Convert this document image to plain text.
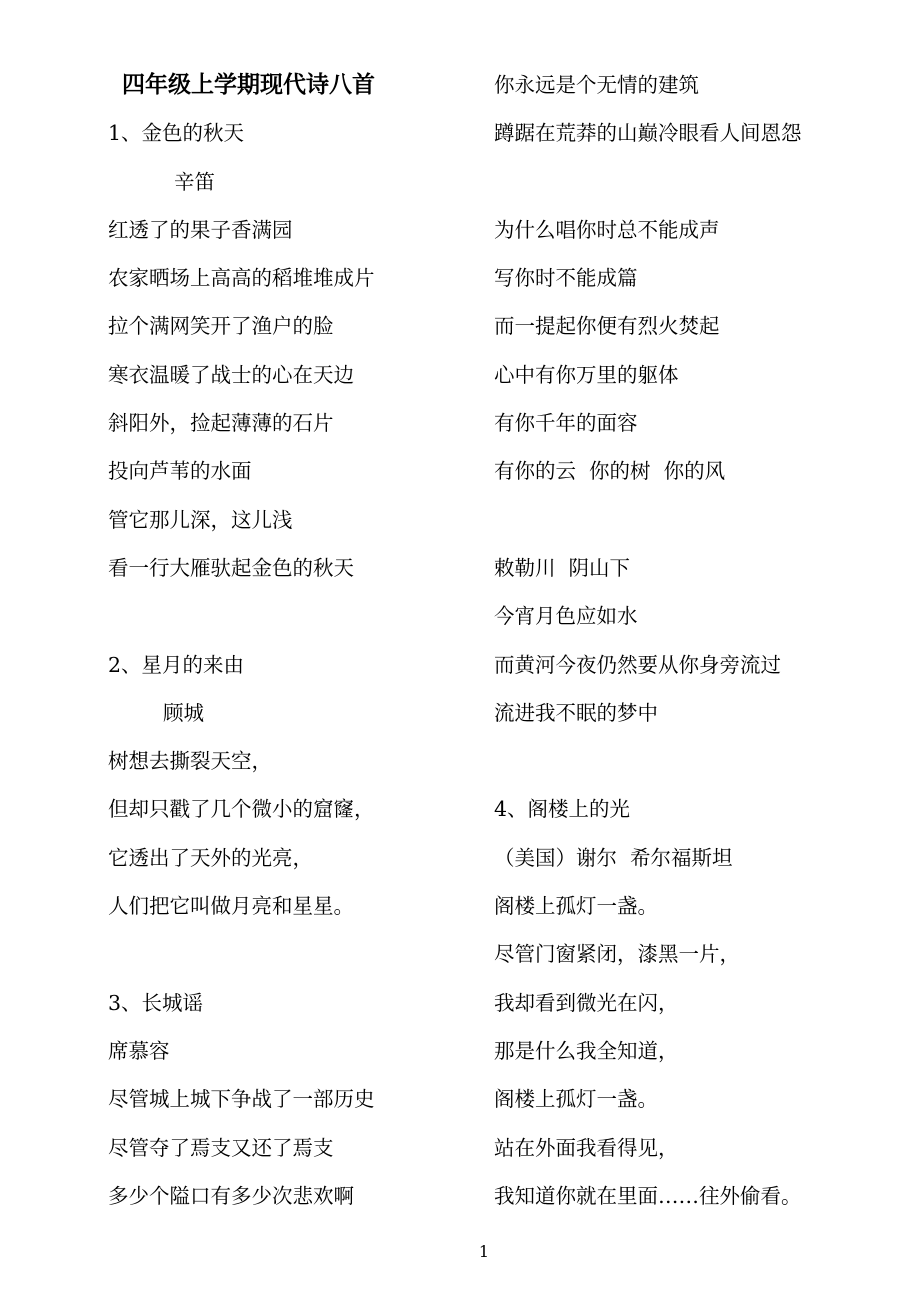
四年级上学期现代诗八首
1、金色的秋天
辛笛
红透了的果子香满园
农家晒场上高高的稻堆堆成片
拉个满网笑开了渔户的脸
寒衣温暖了战士的心在天边
斜阳外，捡起薄薄的石片
投向芦苇的水面
管它那儿深，这儿浅
看一行大雁驮起金色的秋天
2、星月的来由
顾城
树想去撕裂天空，
但却只戳了几个微小的窟窿，
它透出了天外的光亮，
人们把它叫做月亮和星星。
3、长城谣
席慕容
尽管城上城下争战了一部历史
尽管夺了焉支又还了焉支
多少个隘口有多少次悲欢啊
你永远是个无情的建筑
蹲踞在荒莽的山巅冷眼看人间恩怨
为什么唱你时总不能成声
写你时不能成篇
而一提起你便有烈火焚起
心中有你万里的躯体
有你千年的面容
有你的云  你的树  你的风
敕勒川  阴山下
今宵月色应如水
而黄河今夜仍然要从你身旁流过
流进我不眠的梦中
4、阁楼上的光
（美国）谢尔  希尔福斯坦
阁楼上孤灯一盏。
尽管门窗紧闭，漆黑一片，
我却看到微光在闪，
那是什么我全知道，
阁楼上孤灯一盏。
站在外面我看得见，
我知道你就在里面……往外偷看。
1
